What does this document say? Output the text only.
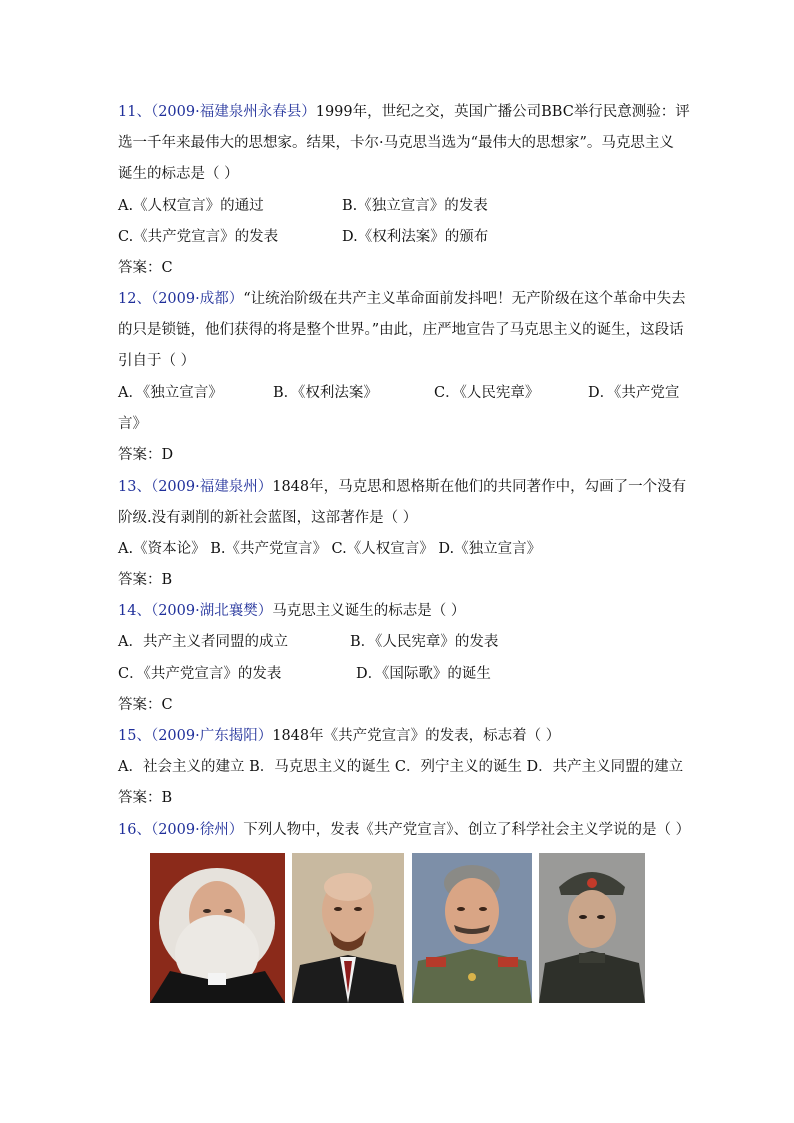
11、（2009·福建泉州永春县）1999年，世纪之交，英国广播公司BBC举行民意测验：评
选一千年来最伟大的思想家。结果，卡尔·马克思当选为“最伟大的思想家”。马克思主义
诞生的标志是（ ）
A.《人权宣言》的通过	B.《独立宣言》的发表
C.《共产党宣言》的发表	D.《权利法案》的颁布
答案：C
12、（2009·成都）“让统治阶级在共产主义革命面前发抖吧！无产阶级在这个革命中失去
的只是锁链，他们获得的将是整个世界。”由此，庄严地宣告了马克思主义的诞生，这段话
引自于（ ）
A．《独立宣言》	B．《权利法案》	C．《人民宪章》	D．《共产党宣
言》
答案：D
13、（2009·福建泉州）1848年，马克思和恩格斯在他们的共同著作中，勾画了一个没有
阶级.没有剥削的新社会蓝图，这部著作是（ ）
A.《资本论》 B.《共产党宣言》 C.《人权宣言》 D.《独立宣言》
答案：B
14、（2009·湖北襄樊）马克思主义诞生的标志是（ ）
A．共产主义者同盟的成立	B．《人民宪章》的发表
C．《共产党宣言》的发表	D．《国际歌》的诞生
答案：C
15、（2009·广东揭阳）1848年《共产党宣言》的发表，标志着（ ）
A．社会主义的建立 B．马克思主义的诞生 C．列宁主义的诞生 D．共产主义同盟的建立
答案：B
16、（2009·徐州）下列人物中，发表《共产党宣言》、创立了科学社会主义学说的是（ ）
